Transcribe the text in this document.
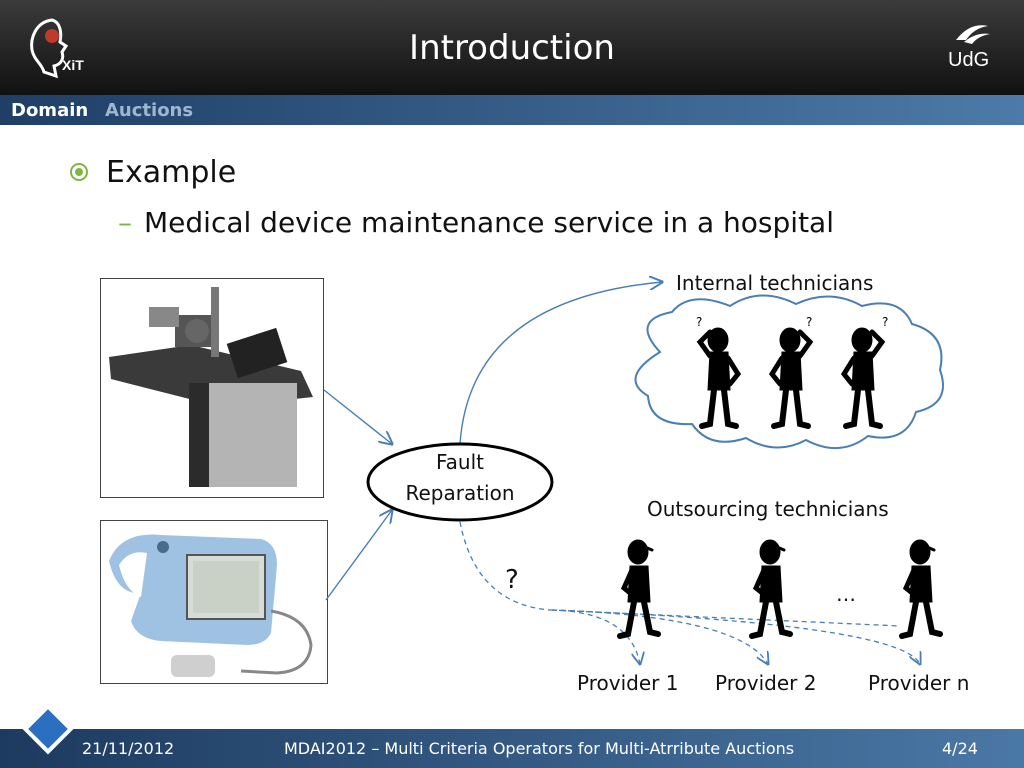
XiT	Introduction	UdG
Domain Auctions
Example
– Medical device maintenance service in a hospital
?	?	?
Fault
Reparation
Internal technicians
Outsourcing technicians
?	…
Provider 1 Provider 2	Provider n
21/11/2012	MDAI2012 – Multi Criteria Operators for Multi-Atrribute Auctions	4/24
